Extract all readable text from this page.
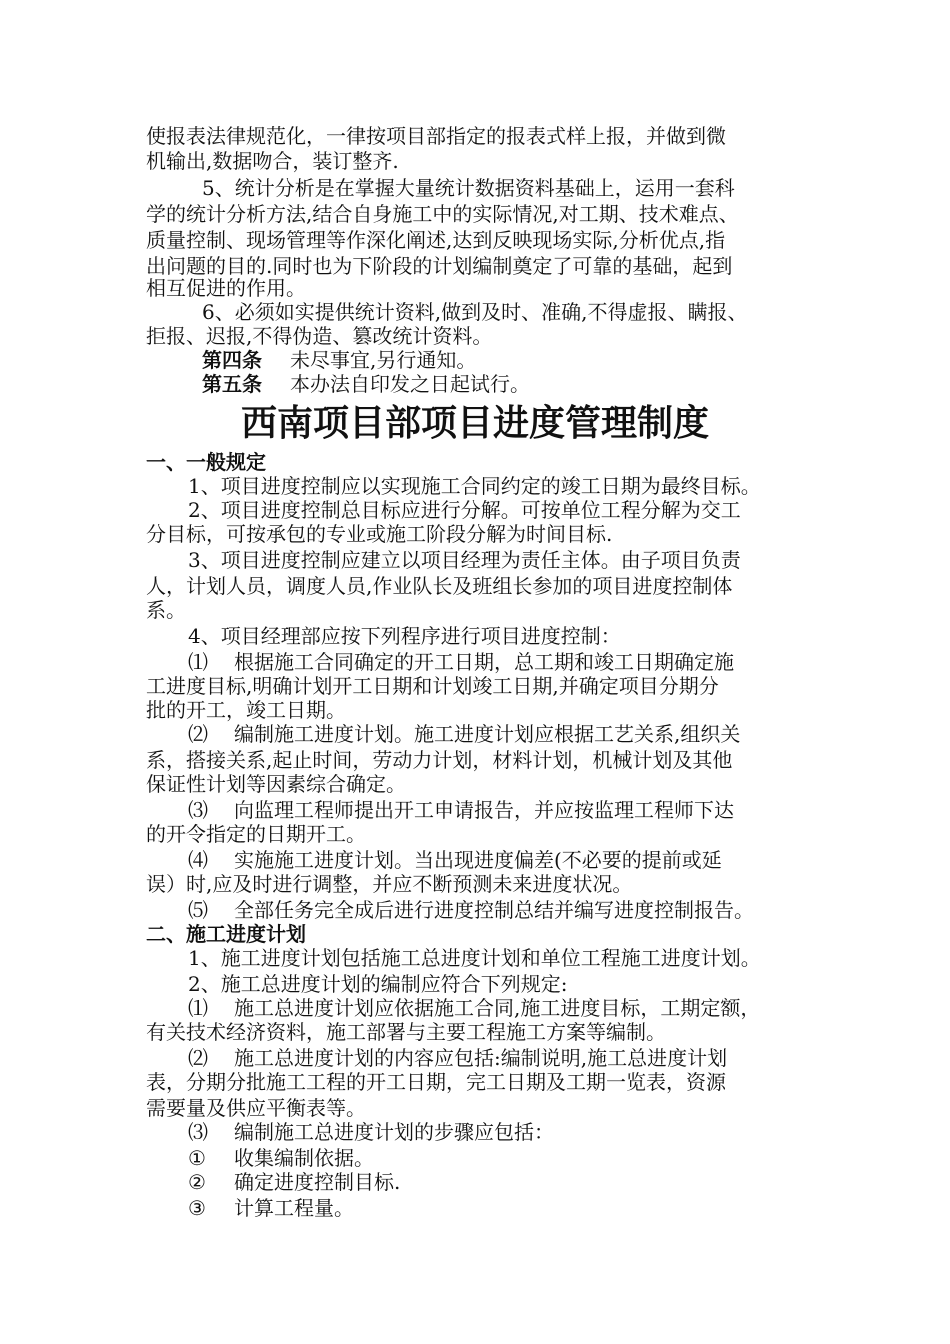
使报表法律规范化，一律按项目部指定的报表式样上报，并做到微
机输出,数据吻合，装订整齐.
5、统计分析是在掌握大量统计数据资料基础上，运用一套科
学的统计分析方法,结合自身施工中的实际情况,对工期、技术难点、
质量控制、现场管理等作深化阐述,达到反映现场实际,分析优点,指
出问题的目的.同时也为下阶段的计划编制奠定了可靠的基础，起到
相互促进的作用。
6、必须如实提供统计资料,做到及时、准确,不得虚报、瞒报、
拒报、迟报,不得伪造、篡改统计资料。
第四条 未尽事宜,另行通知。
第五条 本办法自印发之日起试行。
西南项目部项目进度管理制度
一、一般规定
1、项目进度控制应以实现施工合同约定的竣工日期为最终目标。
2、项目进度控制总目标应进行分解。可按单位工程分解为交工
分目标，可按承包的专业或施工阶段分解为时间目标.
3、项目进度控制应建立以项目经理为责任主体。由子项目负责
人，计划人员，调度人员,作业队长及班组长参加的项目进度控制体
系。
4、项目经理部应按下列程序进行项目进度控制：
⑴ 根据施工合同确定的开工日期，总工期和竣工日期确定施
工进度目标,明确计划开工日期和计划竣工日期,并确定项目分期分
批的开工，竣工日期。
⑵ 编制施工进度计划。施工进度计划应根据工艺关系,组织关
系，搭接关系,起止时间，劳动力计划，材料计划，机械计划及其他
保证性计划等因素综合确定。
⑶ 向监理工程师提出开工申请报告，并应按监理工程师下达
的开令指定的日期开工。
⑷ 实施施工进度计划。当出现进度偏差(不必要的提前或延
误）时,应及时进行调整，并应不断预测未来进度状况。
⑸ 全部任务完全成后进行进度控制总结并编写进度控制报告。
二、施工进度计划
1、施工进度计划包括施工总进度计划和单位工程施工进度计划。
2、施工总进度计划的编制应符合下列规定:
⑴ 施工总进度计划应依据施工合同,施工进度目标，工期定额，
有关技术经济资料，施工部署与主要工程施工方案等编制。
⑵ 施工总进度计划的内容应包括:编制说明,施工总进度计划
表，分期分批施工工程的开工日期，完工日期及工期一览表，资源
需要量及供应平衡表等。
⑶ 编制施工总进度计划的步骤应包括：
① 收集编制依据。
② 确定进度控制目标.
③ 计算工程量。
